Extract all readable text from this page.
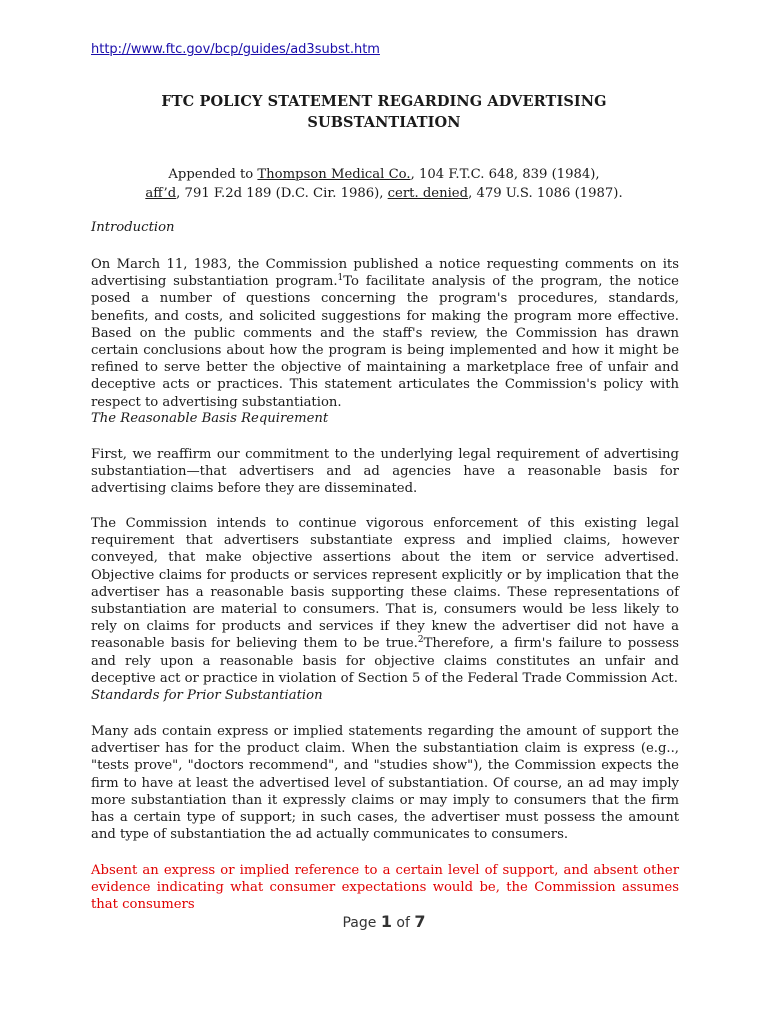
http://www.ftc.gov/bcp/guides/ad3subst.htm
FTC POLICY STATEMENT REGARDING ADVERTISING
SUBSTANTIATION
Appended to Thompson Medical Co., 104 F.T.C. 648, 839 (1984),
aff’d, 791 F.2d 189 (D.C. Cir. 1986), cert. denied, 479 U.S. 1086 (1987).
Introduction
On March 11, 1983, the Commission published a notice requesting comments on its advertising substantiation program.$^1$To facilitate analysis of the program, the notice posed a number of questions concerning the program's procedures, standards, benefits, and costs, and solicited suggestions for making the program more effective. Based on the public comments and the staff's review, the Commission has drawn certain conclusions about how the program is being implemented and how it might be refined to serve better the objective of maintaining a marketplace free of unfair and deceptive acts or practices. This statement articulates the Commission's policy with respect to advertising substantiation.
The Reasonable Basis Requirement
First, we reaffirm our commitment to the underlying legal requirement of advertising substantiation—that advertisers and ad agencies have a reasonable basis for advertising claims before they are disseminated.
The Commission intends to continue vigorous enforcement of this existing legal requirement that advertisers substantiate express and implied claims, however conveyed, that make objective assertions about the item or service advertised. Objective claims for products or services represent explicitly or by implication that the advertiser has a reasonable basis supporting these claims. These representations of substantiation are material to consumers. That is, consumers would be less likely to rely on claims for products and services if they knew the advertiser did not have a reasonable basis for believing them to be true.$^2$Therefore, a firm's failure to possess and rely upon a reasonable basis for objective claims constitutes an unfair and deceptive act or practice in violation of Section 5 of the Federal Trade Commission Act.
Standards for Prior Substantiation
Many ads contain express or implied statements regarding the amount of support the advertiser has for the product claim. When the substantiation claim is express (e.g.., "tests prove", "doctors recommend", and "studies show"), the Commission expects the firm to have at least the advertised level of substantiation. Of course, an ad may imply more substantiation than it expressly claims or may imply to consumers that the firm has a certain type of support; in such cases, the advertiser must possess the amount and type of substantiation the ad actually communicates to consumers.
Absent an express or implied reference to a certain level of support, and absent other evidence indicating what consumer expectations would be, the Commission assumes that consumers
Page 1 of 7
